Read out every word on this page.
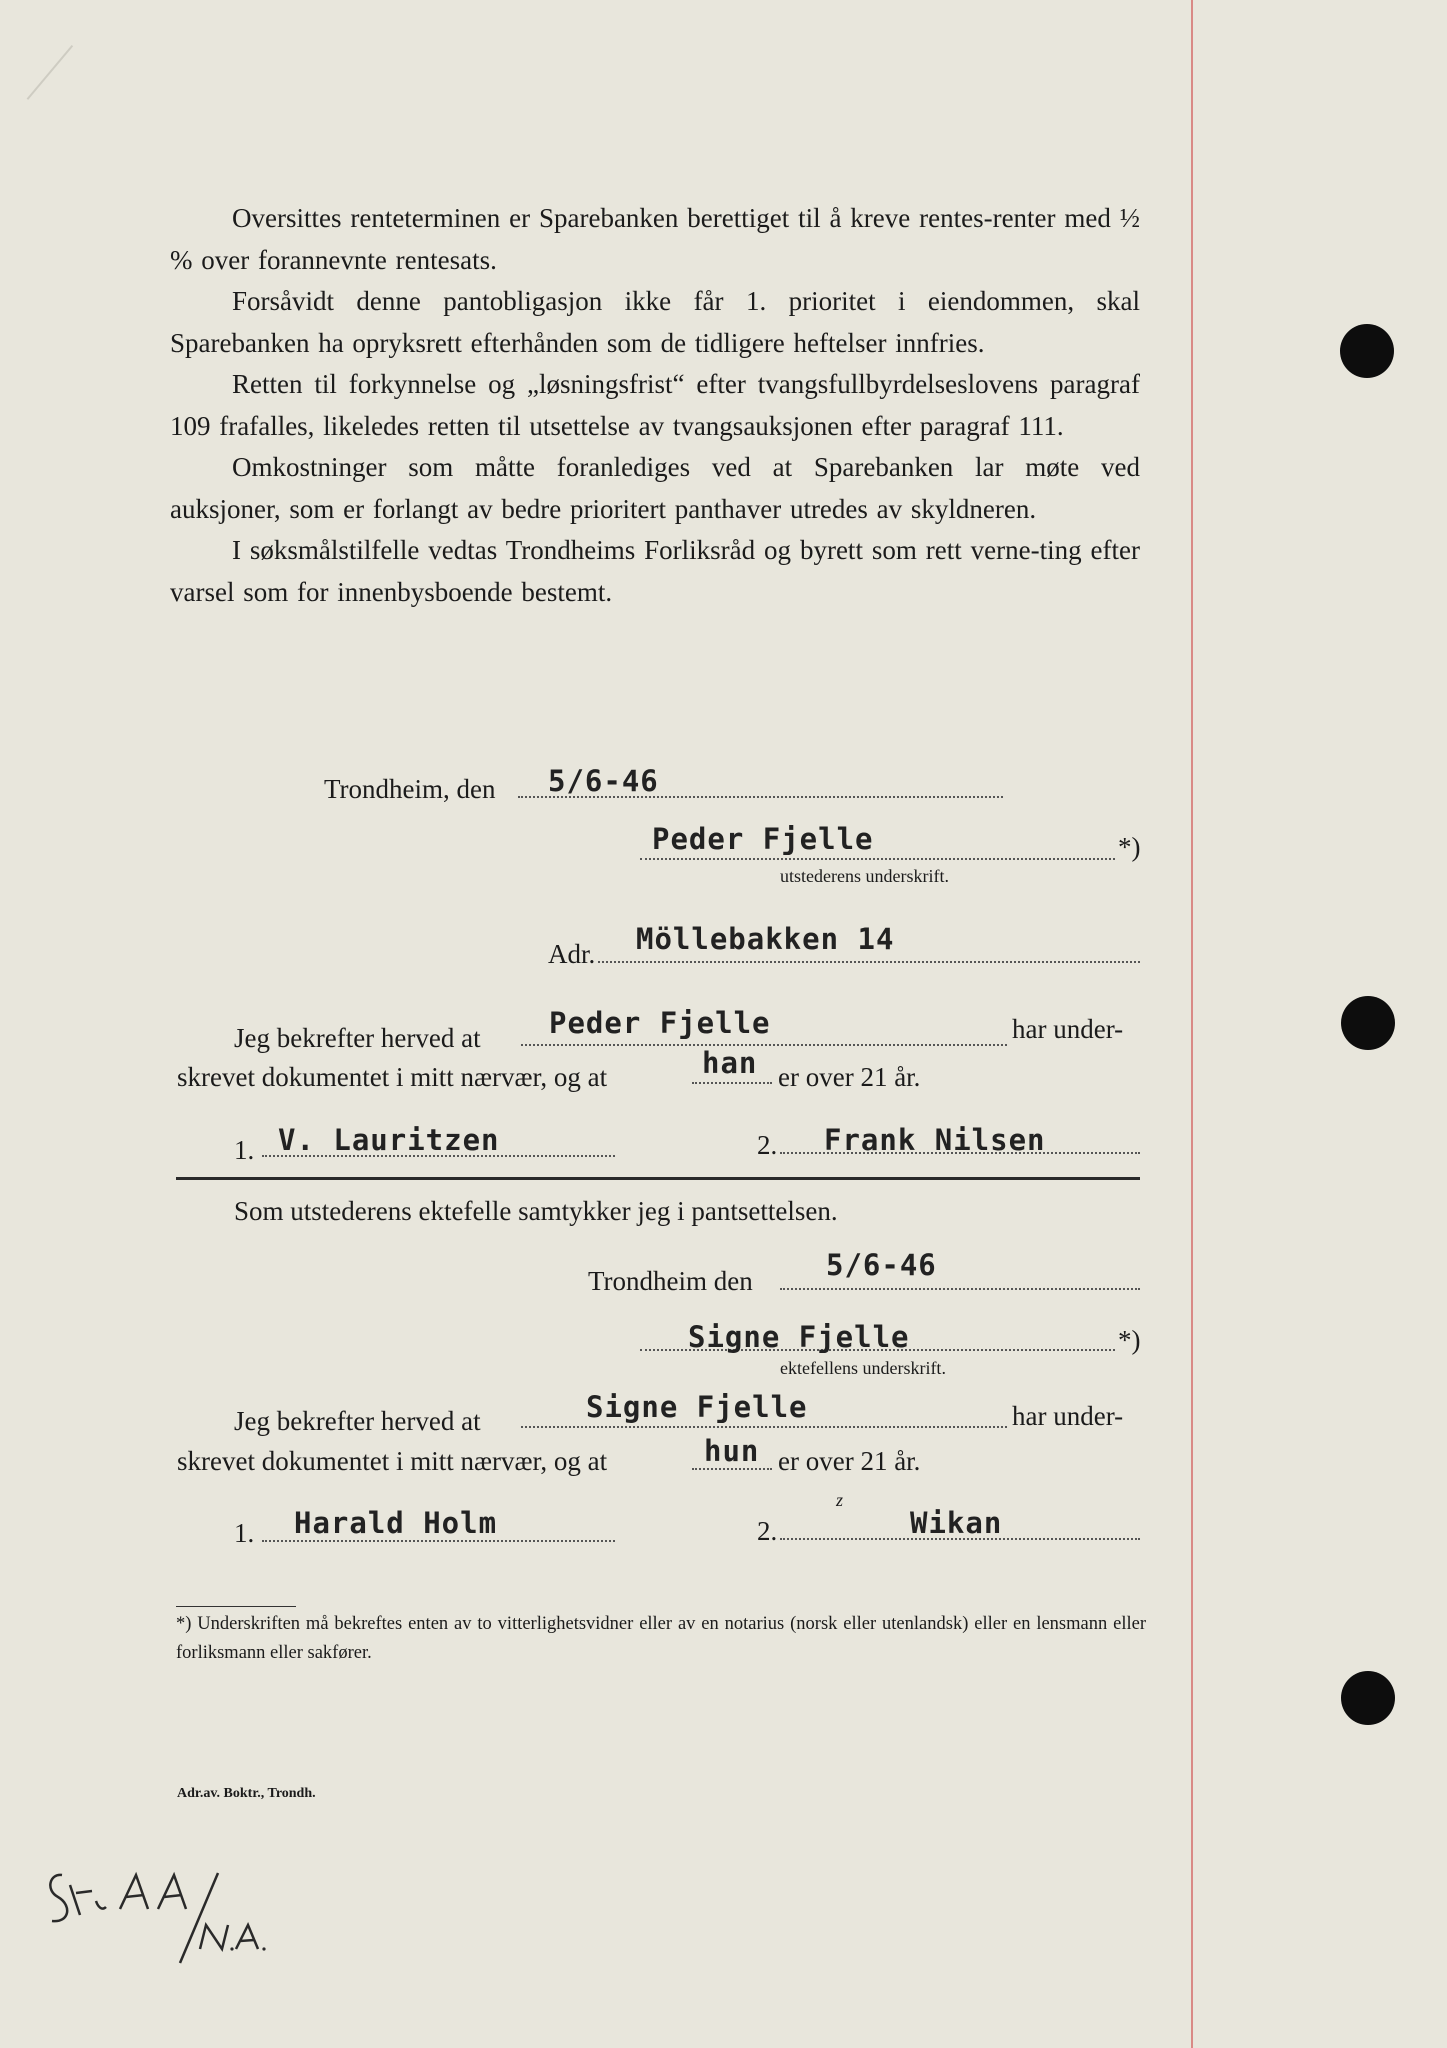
Oversittes renteterminen er Sparebanken berettiget til å kreve rentes-renter med ½ % over forannevnte rentesats.

Forsåvidt denne pantobligasjon ikke får 1. prioritet i eiendommen, skal Sparebanken ha opryksrett efterhånden som de tidligere heftelser innfries.

Retten til forkynnelse og „løsningsfrist“ efter tvangsfullbyrdelseslovens paragraf 109 frafalles, likeledes retten til utsettelse av tvangsauksjonen efter paragraf 111.

Omkostninger som måtte foranlediges ved at Sparebanken lar møte ved auksjoner, som er forlangt av bedre prioritert panthaver utredes av skyldneren.

I søksmålstilfelle vedtas Trondheims Forliksråd og byrett som rett verne-ting efter varsel som for innenbysboende bestemt.

Trondheim, den 5/6-46
Peder Fjelle	*)
utstederens underskrift.
Adr. Möllebakken 14
Jeg bekrefter herved at Peder Fjelle	har under-
skrevet dokumentet i mitt nærvær, og at	han er over 21 år.
1. V. Lauritzen	2. Frank Nilsen
Som utstederens ektefelle samtykker jeg i pantsettelsen.
Trondheim den	5/6-46
Signe Fjelle	*)
ektefellens underskrift.
Jeg bekrefter herved at	Signe Fjelle	har under-
skrevet dokumentet i mitt nærvær, og at	hun er over 21 år.
1. Harald Holm	2.
z
Wikan
*) Underskriften må bekreftes enten av to vitterlighetsvidner eller av en notarius (norsk eller utenlandsk) eller en lensmann eller forliksmann eller sakfører.
Adr.av. Boktr., Trondh.
